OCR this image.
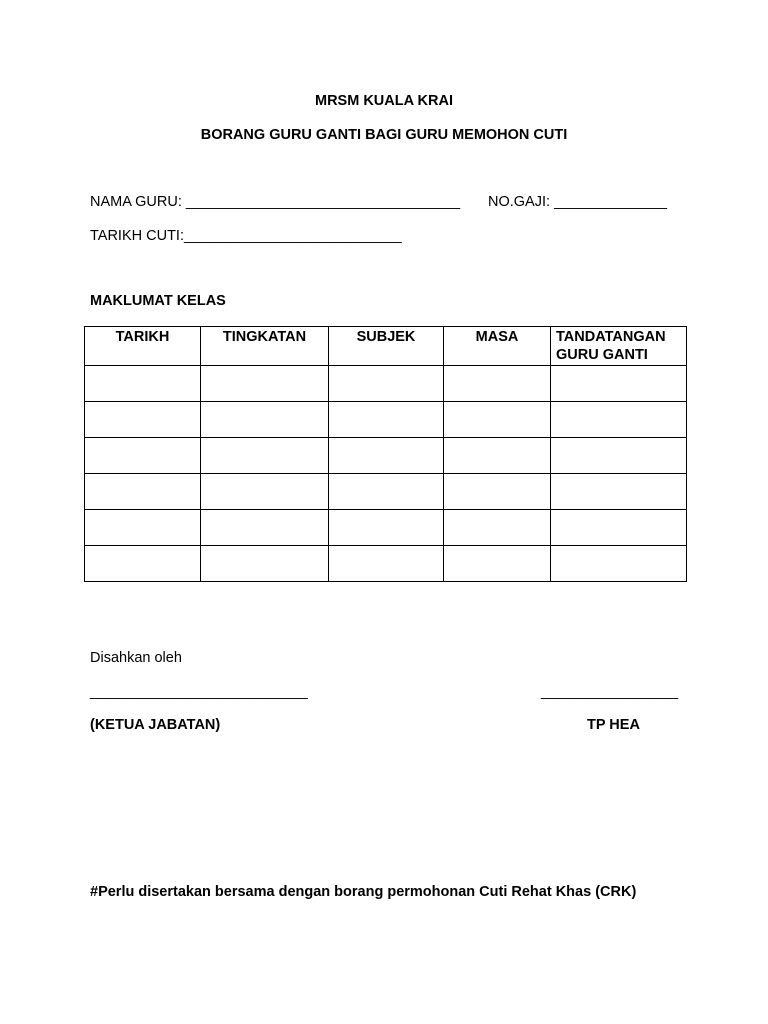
MRSM KUALA KRAI
BORANG GURU GANTI BAGI GURU MEMOHON CUTI
NAMA GURU: __________________________________ NO.GAJI: ______________
TARIKH CUTI:___________________________
MAKLUMAT KELAS
TARIKH	TINGKATAN	SUBJEK	MASA	TANDATANGAN GURU GANTI

Disahkan oleh
___________________________	_________________
(KETUA JABATAN)	TP HEA
#Perlu disertakan bersama dengan borang permohonan Cuti Rehat Khas (CRK)
